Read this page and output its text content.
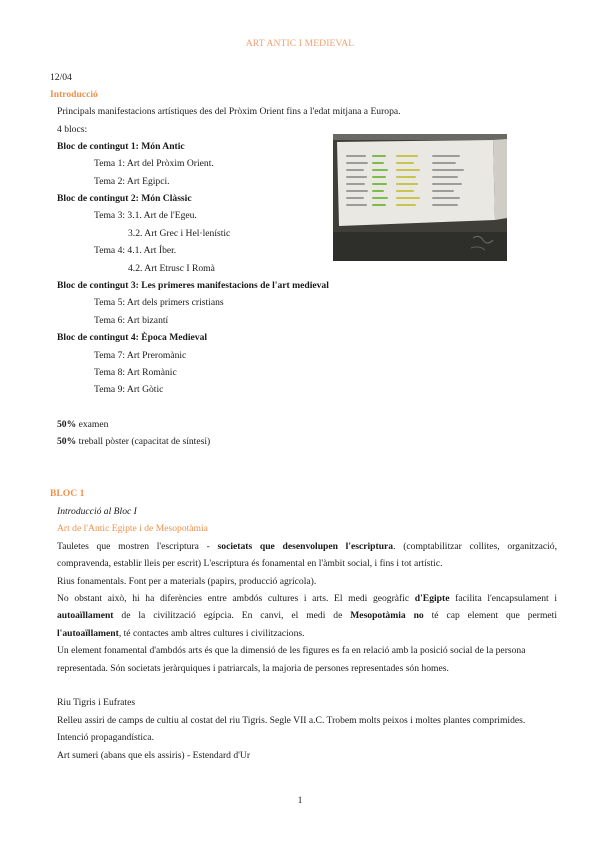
ART ANTIC I MEDIEVAL
12/04
Introducció
Principals manifestacions artístiques des del Pròxim Orient fins a l'edat mitjana a Europa.
4 blocs:
Bloc de contingut 1: Món Antic
Tema 1: Art del Pròxim Orient.
Tema 2: Art Egipci.
Bloc de contingut 2: Món Clàssic
Tema 3: 3.1. Art de l'Egeu.
3.2. Art Grec i Hel·lenístic
Tema 4: 4.1. Art Íber.
4.2. Art Etrusc I Romà
Bloc de contingut 3: Les primeres manifestacions de l'art medieval
Tema 5: Art dels primers cristians
Tema 6: Art bizantí
Bloc de contingut 4: Època Medieval
Tema 7: Art Preromànic
Tema 8: Art Romànic
Tema 9: Art Gòtic
50% examen
50% treball pòster (capacitat de síntesi)
BLOC 1
Introducció al Bloc I
Art de l'Antic Egipte i de Mesopotàmia
Tauletes que mostren l'escriptura - societats que desenvolupen l'escriptura. (comptabilitzar collites, organització,
compravenda, establir lleis per escrit) L'escriptura és fonamental en l'àmbit social, i fins i tot artístic.
Rius fonamentals. Font per a materials (papirs, producció agrícola).
No obstant això, hi ha diferències entre ambdós cultures i arts. El medi geogràfic d'Egipte facilita l'encapsulament i
autoaïllament de la civilització egípcia. En canvi, el medi de Mesopotàmia no té cap element que permeti
l'autoaïllament, té contactes amb altres cultures i civilitzacions.
Un element fonamental d'ambdós arts és que la dimensió de les figures es fa en relació amb la posició social de la persona
representada. Són societats jeràrquiques i patriarcals, la majoria de persones representades són homes.
Riu Tigris i Eufrates
Relleu assiri de camps de cultiu al costat del riu Tigris. Segle VII a.C. Trobem molts peixos i moltes plantes comprimides.
Intenció propagandística.
Art sumeri (abans que els assiris) - Estendard d'Ur
1
